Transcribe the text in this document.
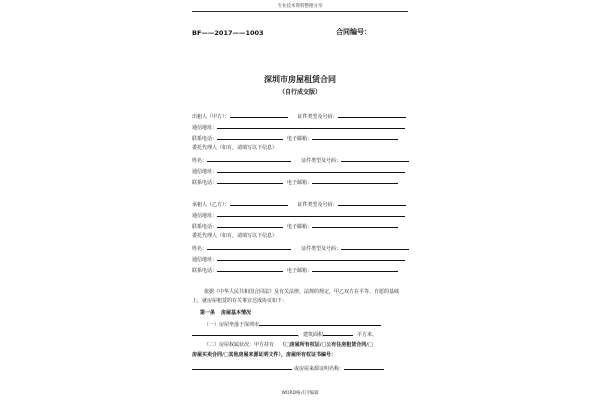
专业技术资料整理分享
BF——2017——1003	合同编号：
深圳市房屋租赁合同
（自行成交版）
出租人（甲方）：	证件类型及号码：
通信地址：
联系电话：	电子邮箱：
委托代理人（如有，请填写以下信息）
姓名：	证件类型及号码：
通信地址：
联系电话：	电子邮箱：
承租人（乙方）：	证件类型及号码：
通信地址：
联系电话：	电子邮箱：
委托代理人（如有，请填写以下信息）
姓名：	证件类型及号码：
通信地址：
联系电话：	电子邮箱：
依据《中华人民共和国合同法》及有关法律、法规的规定，甲乙双方在平等、自愿的基础上，就房屋租赁的有关事宜达成协议如下：
第一条 房屋基本情况
（一）房屋坐落于深圳市
，建筑面积	平方米。
（二）房屋权属状况：甲方持有 （□房屋所有权证/□公有住房租赁合同/□
房屋买卖合同/□其他房屋来源证明文件），房屋所有权证书编号：
或房屋来源证明名称：
WORD格式可编辑
